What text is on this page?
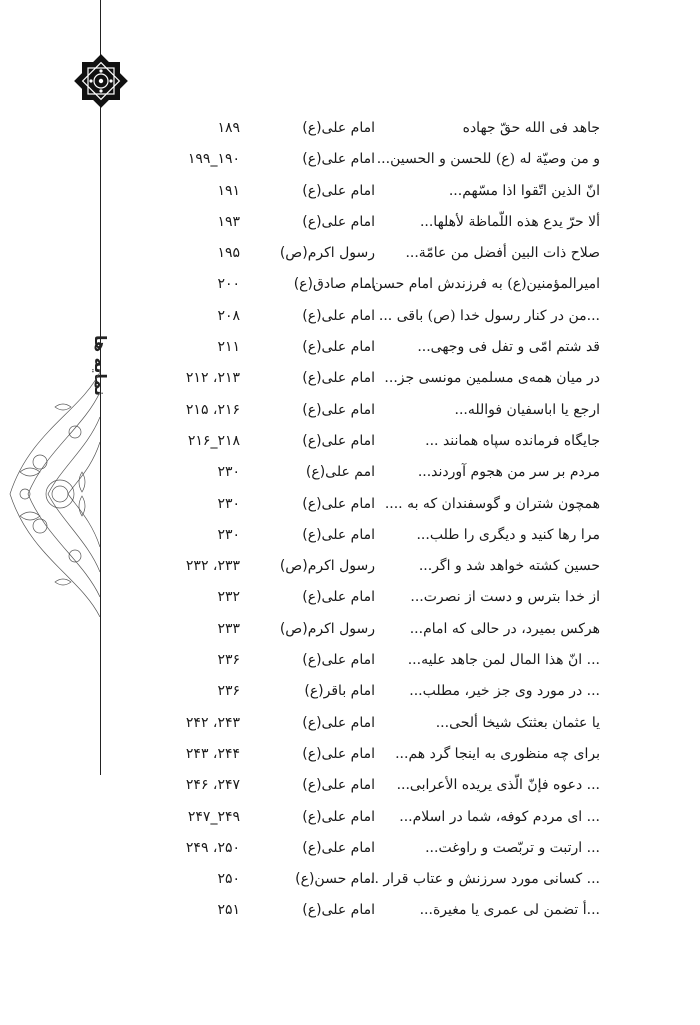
نمایه ها
جاهد فی الله حقّ جهاده
امام علی(ع)
۱۸۹
و من وصیّة له (ع) للحسن و الحسین...
امام علی(ع)
۱۹۰_۱۹۹
انّ الذین اتّقوا اذا مسّهم...
امام علی(ع)
۱۹۱
ألا حرّ یدع هذه اللّماظة لأهلها...
امام علی(ع)
۱۹۳
صلاح ذات البین أفضل من عامّة...
رسول اکرم(ص)
۱۹۵
امیرالمؤمنین(ع) به فرزندش امام حسن...
امام صادق(ع)
۲۰۰
...من در کنار رسول خدا (ص) باقی ...
امام علی(ع)
۲۰۸
قد شتم امّی و تفل فی وجهی...
امام علی(ع)
۲۱۱
در میان همه‌ی مسلمین مونسی جز...
امام علی(ع)
۲۱۳، ۲۱۲
ارجع یا اباسفیان فوالله...
امام علی(ع)
۲۱۶، ۲۱۵
جایگاه فرمانده سپاه همانند ...
امام علی(ع)
۲۱۸_۲۱۶
مردم بر سر من هجوم آوردند...
امم علی(ع)
۲۳۰
همچون شتران و گوسفندان که به ....
امام علی(ع)
۲۳۰
مرا رها کنید و دیگری را طلب...
امام علی(ع)
۲۳۰
حسین کشته خواهد شد و اگر...
رسول اکرم(ص)
۲۳۳، ۲۳۲
از خدا بترس و دست از نصرت...
امام علی(ع)
۲۳۲
هرکس بمیرد، در حالی که امام...
رسول اکرم(ص)
۲۳۳
... انّ هذا المال لمن جاهد علیه...
امام علی(ع)
۲۳۶
... در مورد وی جز خیر، مطلب...
امام باقر(ع)
۲۳۶
یا عثمان بعثتک شیخا ألحی...
امام علی(ع)
۲۴۳، ۲۴۲
برای چه منظوری به اینجا گرد هم...
امام علی(ع)
۲۴۴، ۲۴۳
... دعوه فإنّ الّذی یریده الأعرابی...
امام علی(ع)
۲۴۷، ۲۴۶
... ای مردم کوفه، شما در اسلام...
امام علی(ع)
۲۴۹_۲۴۷
... ارتبت و تربّصت و راوغت...
امام علی(ع)
۲۵۰، ۲۴۹
... کسانی مورد سرزنش و عتاب قرار ...
امام حسن(ع)
۲۵۰
...أ تضمن لی عمری یا مغیرة...
امام علی(ع)
۲۵۱
